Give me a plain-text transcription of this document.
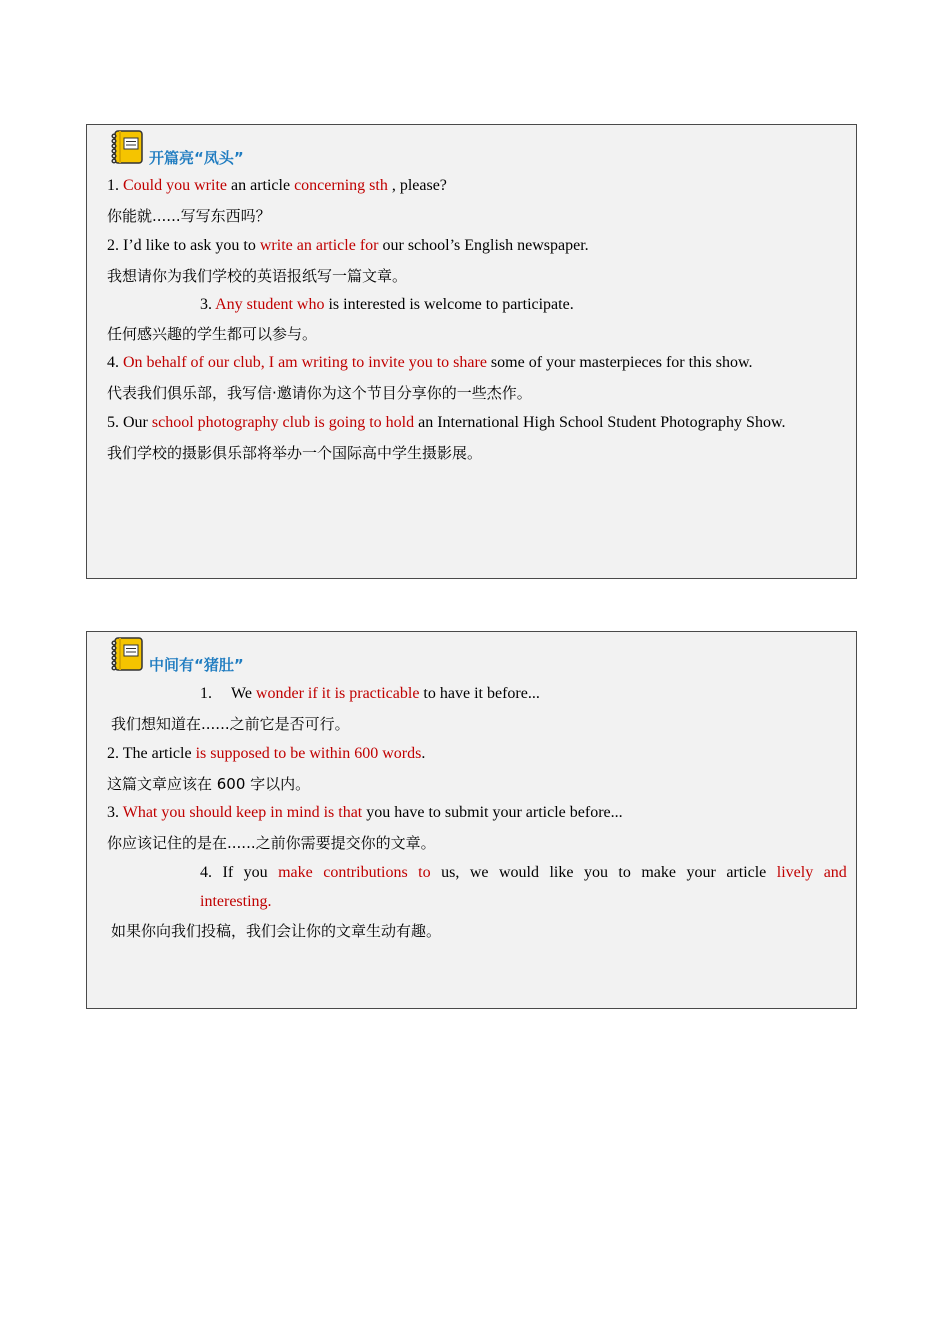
开篇亮“凤头”
1. Could you write an article concerning sth , please?
你能就......写写东西吗？
2. I’d like to ask you to write an article for our school’s English newspaper.
我想请你为我们学校的英语报纸写一篇文章。
3. Any student who is interested is welcome to participate.
任何感兴趣的学生都可以参与。
4. On behalf of our club, I am writing to invite you to share some of your masterpieces for this show.
代表我们俱乐部，我写信·邀请你为这个节目分享你的一些杰作。
5. Our school photography club is going to hold an International High School Student Photography Show.
我们学校的摄影俱乐部将举办一个国际高中学生摄影展。
中间有“猪肚”
1. We wonder if it is practicable to have it before...
我们想知道在......之前它是否可行。
2. The article is supposed to be within 600 words.
这篇文章应该在 600 字以内。
3. What you should keep in mind is that you have to submit your article before...
你应该记住的是在......之前你需要提交你的文章。
4. If you make contributions to us, we would like you to make your article lively and
interesting.
如果你向我们投稿，我们会让你的文章生动有趣。
